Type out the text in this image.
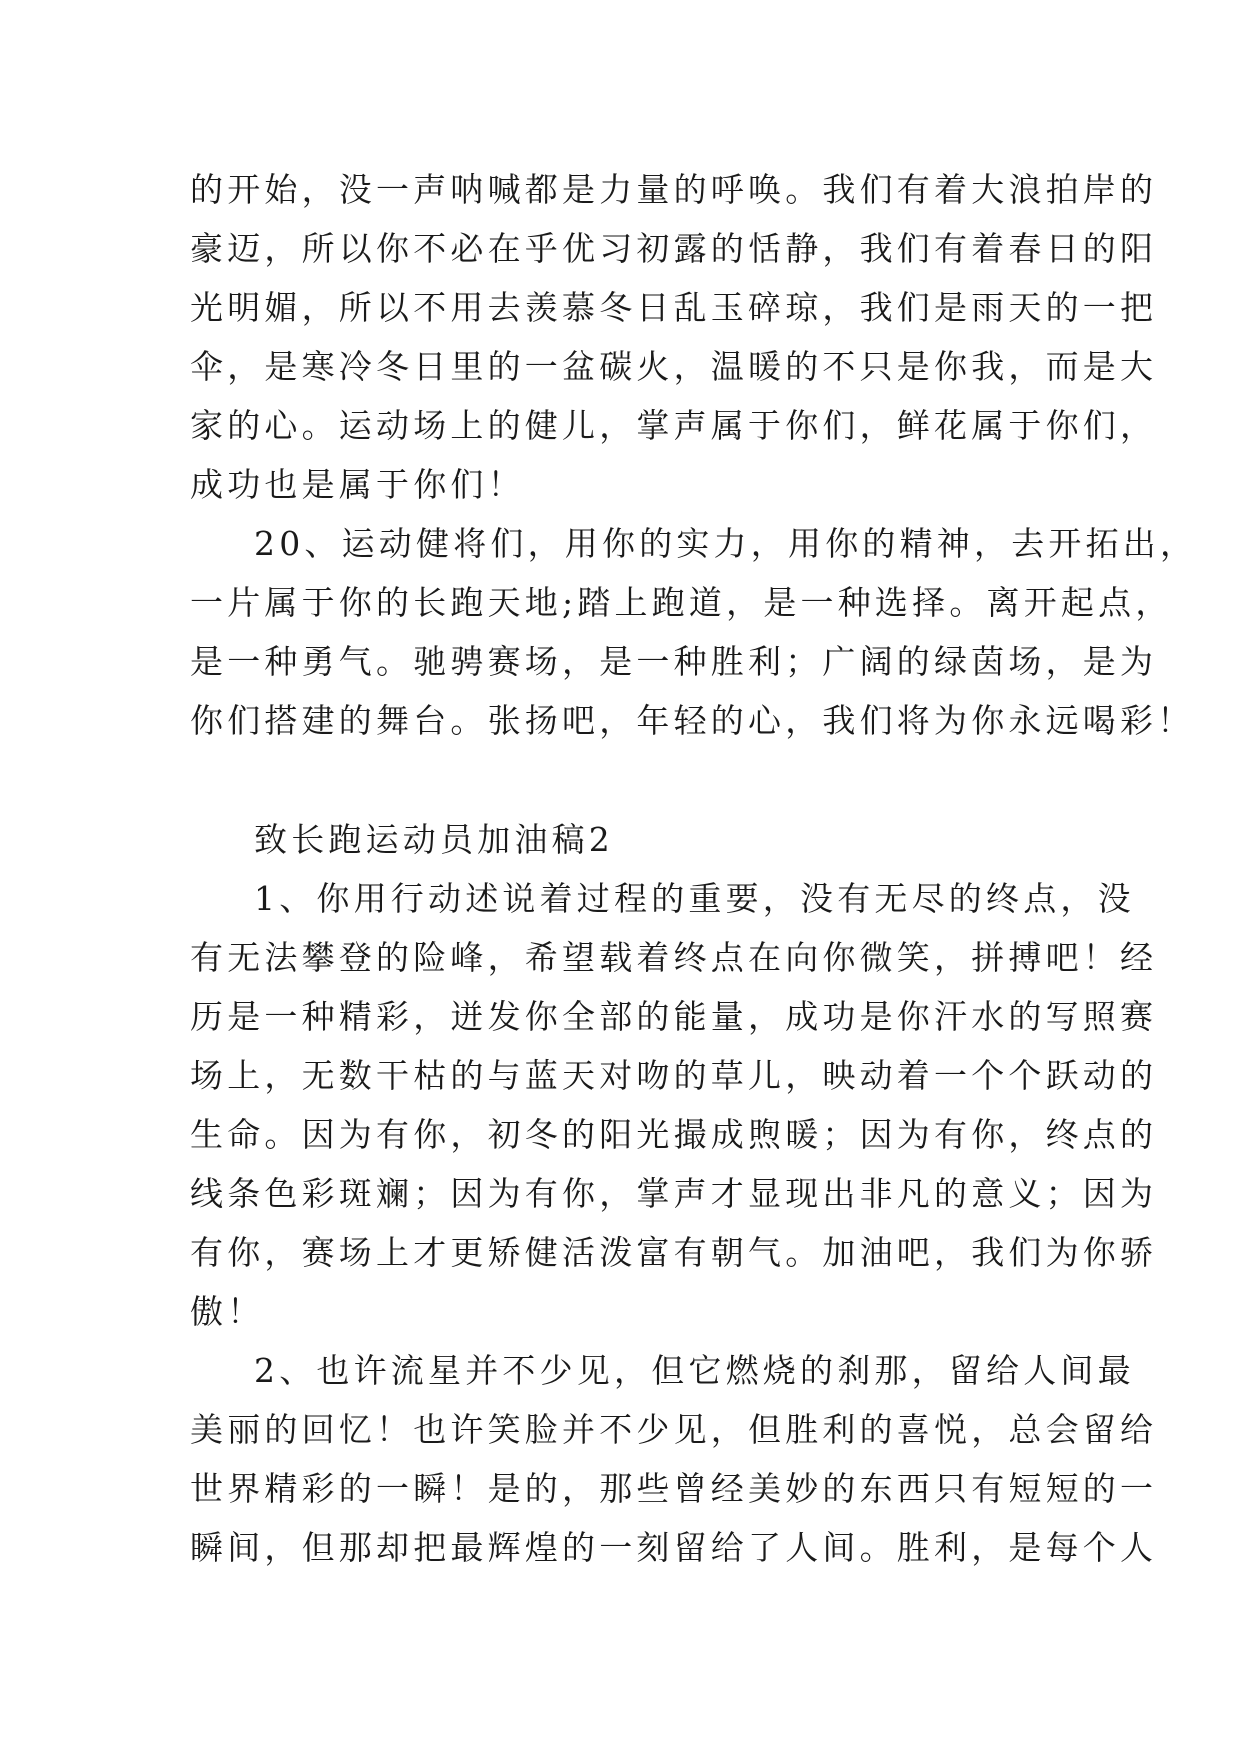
的开始，没一声呐喊都是力量的呼唤。我们有着大浪拍岸的
豪迈，所以你不必在乎优习初露的恬静，我们有着春日的阳
光明媚，所以不用去羡慕冬日乱玉碎琼，我们是雨天的一把
伞，是寒冷冬日里的一盆碳火，温暖的不只是你我，而是大
家的心。运动场上的健儿，掌声属于你们，鲜花属于你们，
成功也是属于你们！
20、运动健将们，用你的实力，用你的精神，去开拓出，
一片属于你的长跑天地;踏上跑道，是一种选择。离开起点，
是一种勇气。驰骋赛场，是一种胜利；广阔的绿茵场，是为
你们搭建的舞台。张扬吧，年轻的心，我们将为你永远喝彩！
致长跑运动员加油稿2
1、你用行动述说着过程的重要，没有无尽的终点，没
有无法攀登的险峰，希望载着终点在向你微笑，拼搏吧！经
历是一种精彩，迸发你全部的能量，成功是你汗水的写照赛
场上，无数干枯的与蓝天对吻的草儿，映动着一个个跃动的
生命。因为有你，初冬的阳光撮成煦暖；因为有你，终点的
线条色彩斑斓；因为有你，掌声才显现出非凡的意义；因为
有你，赛场上才更矫健活泼富有朝气。加油吧，我们为你骄
傲！
2、也许流星并不少见，但它燃烧的刹那，留给人间最
美丽的回忆！也许笑脸并不少见，但胜利的喜悦，总会留给
世界精彩的一瞬！是的，那些曾经美妙的东西只有短短的一
瞬间，但那却把最辉煌的一刻留给了人间。胜利，是每个人
